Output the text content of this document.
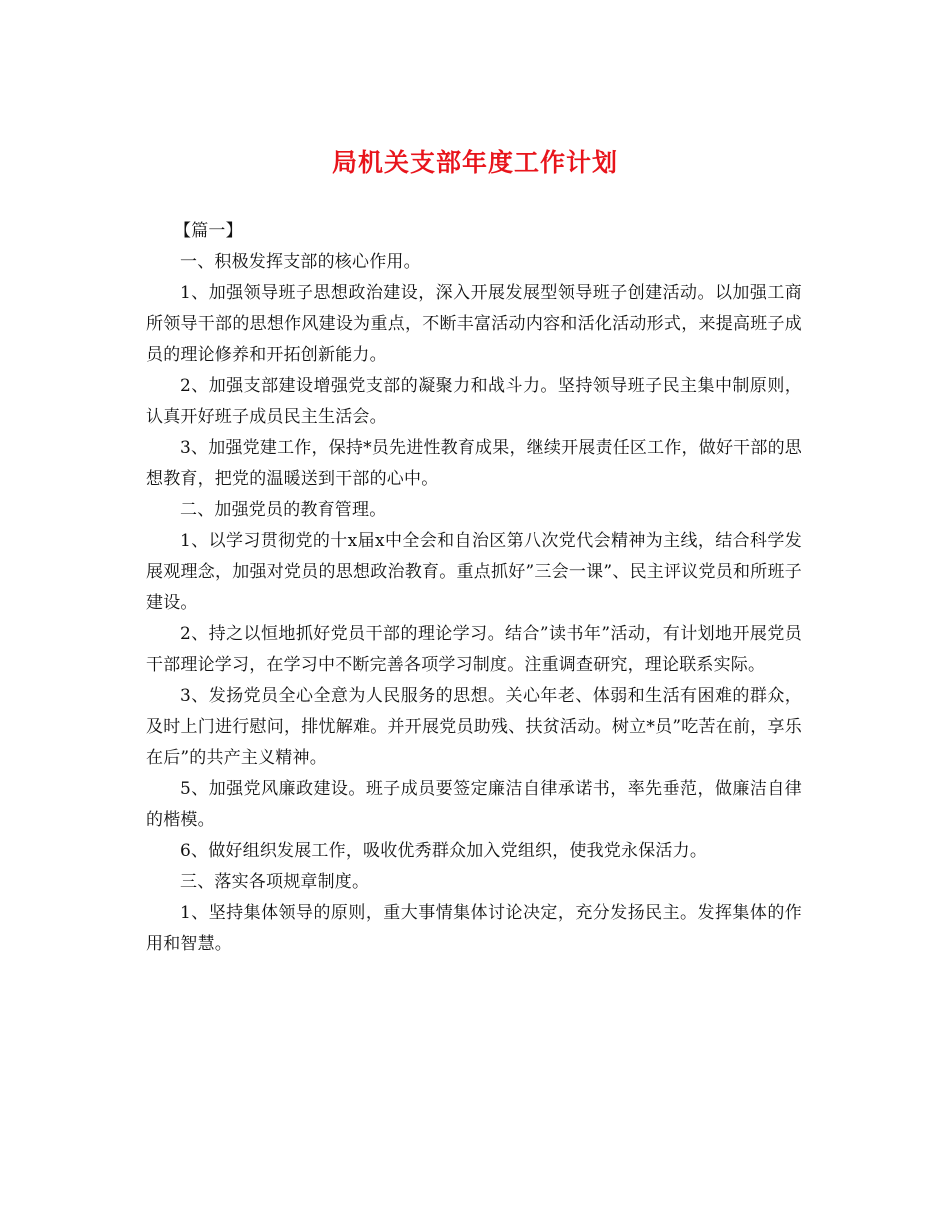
局机关支部年度工作计划

【篇一】

一、积极发挥支部的核心作用。

1、加强领导班子思想政治建设，深入开展发展型领导班子创建活动。以加强工商所领导干部的思想作风建设为重点，不断丰富活动内容和活化活动形式，来提高班子成员的理论修养和开拓创新能力。

2、加强支部建设增强党支部的凝聚力和战斗力。坚持领导班子民主集中制原则，认真开好班子成员民主生活会。

3、加强党建工作，保持*员先进性教育成果，继续开展责任区工作，做好干部的思想教育，把党的温暖送到干部的心中。

二、加强党员的教育管理。

1、以学习贯彻党的十x届x中全会和自治区第八次党代会精神为主线，结合科学发展观理念，加强对党员的思想政治教育。重点抓好”三会一课”、民主评议党员和所班子建设。

2、持之以恒地抓好党员干部的理论学习。结合”读书年”活动，有计划地开展党员干部理论学习，在学习中不断完善各项学习制度。注重调查研究，理论联系实际。

3、发扬党员全心全意为人民服务的思想。关心年老、体弱和生活有困难的群众，及时上门进行慰问，排忧解难。并开展党员助残、扶贫活动。树立*员”吃苦在前，享乐在后”的共产主义精神。

5、加强党风廉政建设。班子成员要签定廉洁自律承诺书，率先垂范，做廉洁自律的楷模。

6、做好组织发展工作，吸收优秀群众加入党组织，使我党永保活力。

三、落实各项规章制度。

1、坚持集体领导的原则，重大事情集体讨论决定，充分发扬民主。发挥集体的作用和智慧。
